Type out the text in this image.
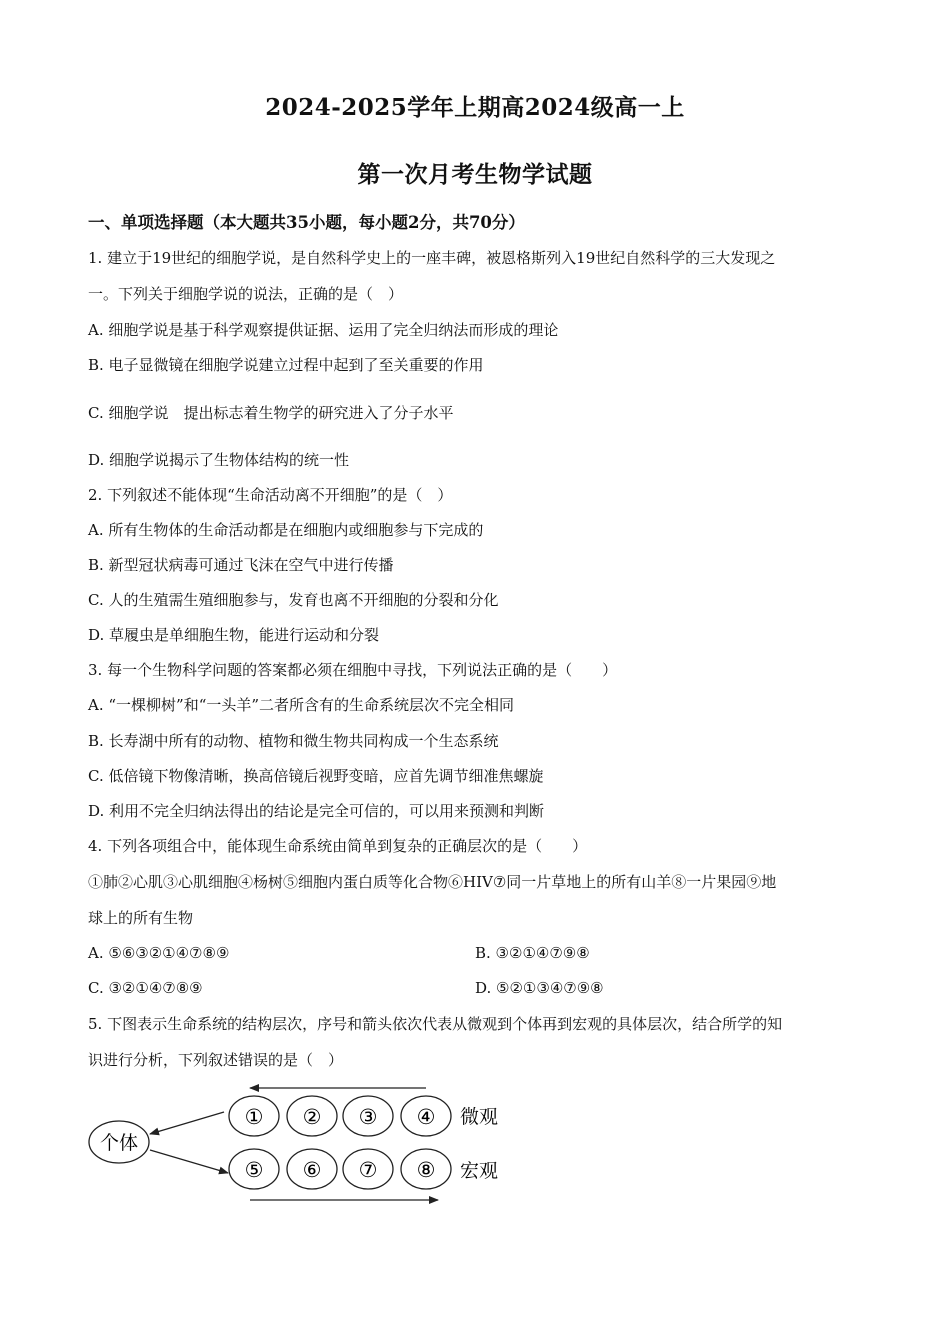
2024-2025学年上期高2024级高一上
第一次月考生物学试题
一、单项选择题（本大题共35小题，每小题2分，共70分）
1. 建立于19世纪的细胞学说，是自然科学史上的一座丰碑，被恩格斯列入19世纪自然科学的三大发现之
一。下列关于细胞学说的说法，正确的是（　）
A. 细胞学说是基于科学观察提供证据、运用了完全归纳法而形成的理论
B. 电子显微镜在细胞学说建立过程中起到了至关重要的作用
C. 细胞学说　提出标志着生物学的研究进入了分子水平
D. 细胞学说揭示了生物体结构的统一性
2. 下列叙述不能体现“生命活动离不开细胞”的是（　）
A. 所有生物体的生命活动都是在细胞内或细胞参与下完成的
B. 新型冠状病毒可通过飞沫在空气中进行传播
C. 人的生殖需生殖细胞参与，发育也离不开细胞的分裂和分化
D. 草履虫是单细胞生物，能进行运动和分裂
3. 每一个生物科学问题的答案都必须在细胞中寻找，下列说法正确的是（　　）
A. “一棵柳树”和“一头羊”二者所含有的生命系统层次不完全相同
B. 长寿湖中所有的动物、植物和微生物共同构成一个生态系统
C. 低倍镜下物像清晰，换高倍镜后视野变暗，应首先调节细准焦螺旋
D. 利用不完全归纳法得出的结论是完全可信的，可以用来预测和判断
4. 下列各项组合中，能体现生命系统由简单到复杂的正确层次的是（　　）
①肺②心肌③心肌细胞④杨树⑤细胞内蛋白质等化合物⑥HIV⑦同一片草地上的所有山羊⑧一片果园⑨地
球上的所有生物
A. ⑤⑥③②①④⑦⑧⑨	B. ③②①④⑦⑨⑧
C. ③②①④⑦⑧⑨	D. ⑤②①③④⑦⑨⑧
5. 下图表示生命系统的结构层次，序号和箭头依次代表从微观到个体再到宏观的具体层次，结合所学的知
识进行分析，下列叙述错误的是（　）
个体
① ② ③ ④ 微观
⑤ ⑥ ⑦ ⑧ 宏观
